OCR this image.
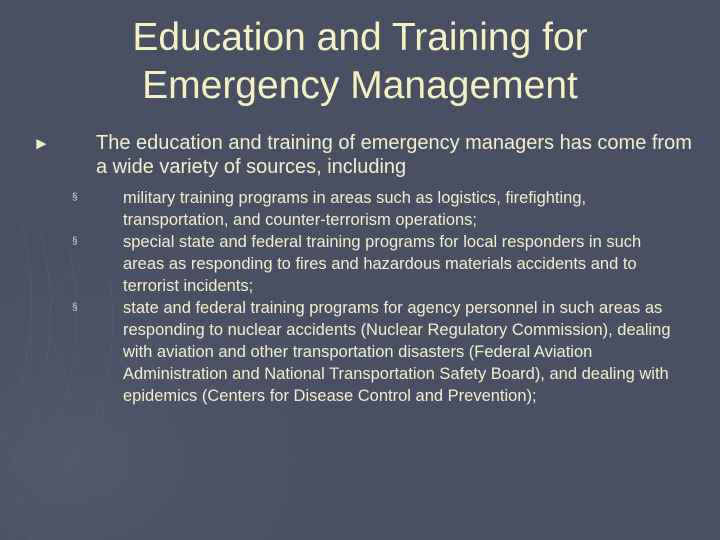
Education and Training for Emergency Management
► The education and training of emergency managers has come from a wide variety of sources, including
§	military training programs in areas such as logistics, firefighting, transportation, and counter-terrorism operations;
§	special state and federal training programs for local responders in such areas as responding to fires and hazardous materials accidents and to terrorist incidents;
§	state and federal training programs for agency personnel in such areas as responding to nuclear accidents (Nuclear Regulatory Commission), dealing with aviation and other transportation disasters (Federal Aviation Administration and National Transportation Safety Board), and dealing with epidemics (Centers for Disease Control and Prevention);
